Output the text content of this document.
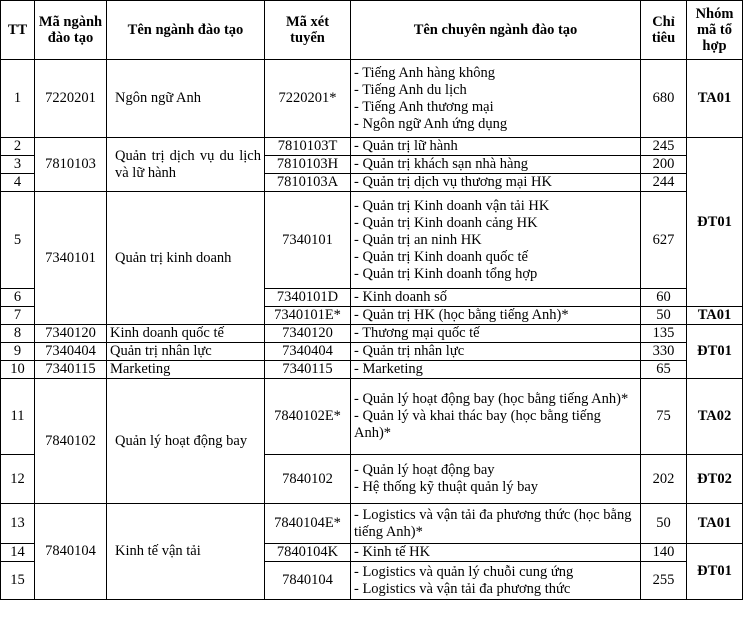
TT	Mã ngành đào tạo	Tên ngành đào tạo	Mã xét tuyển	Tên chuyên ngành đào tạo	Chỉ tiêu	Nhóm mã tổ hợp
1	7220201	Ngôn ngữ Anh	7220201*	- Tiếng Anh hàng không
- Tiếng Anh du lịch
- Tiếng Anh thương mại
- Ngôn ngữ Anh ứng dụng	680	TA01
2	7810103	Quản trị dịch vụ du lịch và lữ hành	7810103T	- Quản trị lữ hành	245	ĐT01
3			7810103H	- Quản trị khách sạn nhà hàng	200	
4			7810103A	- Quản trị dịch vụ thương mại HK	244	
5	7340101	Quản trị kinh doanh	7340101	- Quản trị Kinh doanh vận tải HK
- Quản trị Kinh doanh cảng HK
- Quản trị an ninh HK
- Quản trị Kinh doanh quốc tế
- Quản trị Kinh doanh tổng hợp	627	
6			7340101D	- Kinh doanh số	60	
7			7340101E*	- Quản trị HK (học bằng tiếng Anh)*	50	TA01
8	7340120	Kinh doanh quốc tế	7340120	- Thương mại quốc tế	135	ĐT01
9	7340404	Quản trị nhân lực	7340404	- Quản trị nhân lực	330	
10	7340115	Marketing	7340115	- Marketing	65	
11	7840102	Quản lý hoạt động bay	7840102E*	- Quản lý hoạt động bay (học bằng tiếng Anh)*
- Quản lý và khai thác bay (học bằng tiếng Anh)*	75	TA02
12			7840102	- Quản lý hoạt động bay
- Hệ thống kỹ thuật quản lý bay	202	ĐT02
13	7840104	Kinh tế vận tải	7840104E*	- Logistics và vận tải đa phương thức (học bằng tiếng Anh)*	50	TA01
14			7840104K	- Kinh tế HK	140	ĐT01
15			7840104	- Logistics và quản lý chuỗi cung ứng
- Logistics và vận tải đa phương thức	255	
